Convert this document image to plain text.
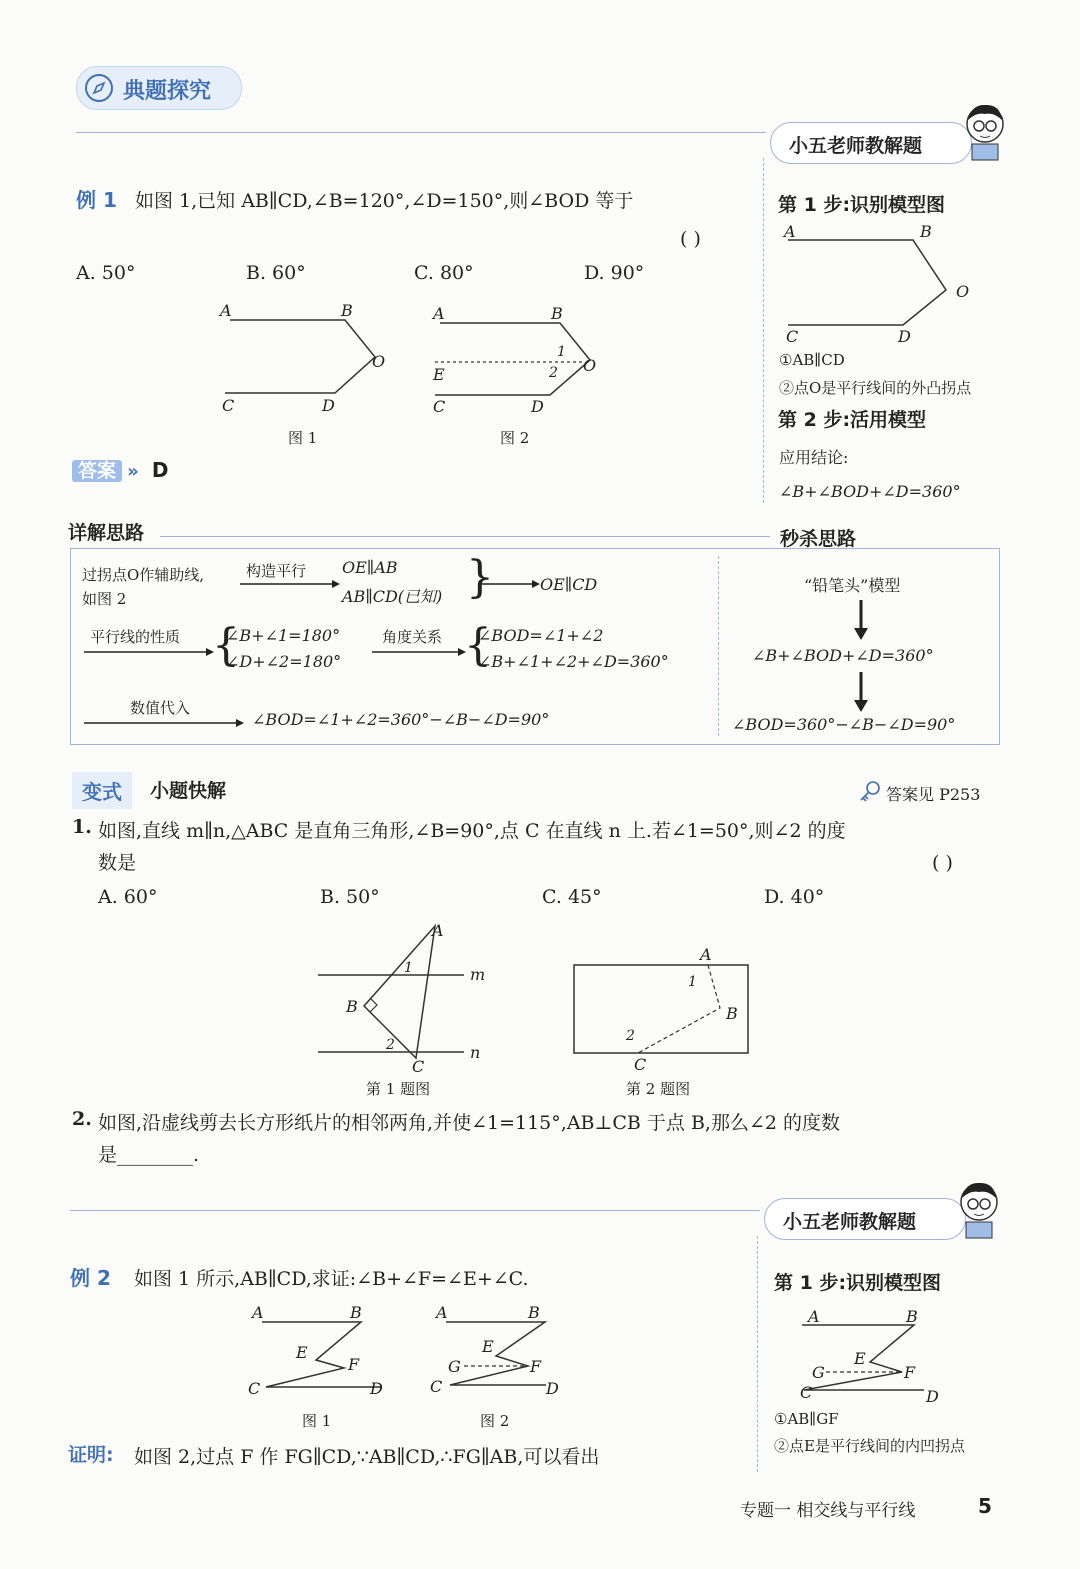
典题探究
小五老师教解题
例 1 如图 1,已知 AB∥CD,∠B=120°,∠D=150°,则∠BOD 等于
( )
A. 50°	B. 60°	C. 80°	D. 90°
A	B
O
C	D
图 1
A	B
O
1
2
E
C	D
图 2
答案 » D
第 1 步:识别模型图
A	B
O
C	D
①AB∥CD
②点O是平行线间的外凸拐点
第 2 步:活用模型
应用结论:
∠B+∠BOD+∠D=360°
详解思路	秒杀思路
过拐点O作辅助线,
如图 2
构造平行 OE∥AB
AB∥CD(已知) }	OE∥CD
平行线的性质 {
∠B+∠1=180°
∠D+∠2=180°
角度关系 {
∠BOD=∠1+∠2
∠B+∠1+∠2+∠D=360°
数值代入
∠BOD=∠1+∠2=360°−∠B−∠D=90°
“铅笔头”模型
∠B+∠BOD+∠D=360°
∠BOD=360°−∠B−∠D=90°
变式	小题快解	答案见 P253
1. 如图,直线 m∥n,△ABC 是直角三角形,∠B=90°,点 C 在直线 n 上.若∠1=50°,则∠2 的度
数是	( )
A. 60°	B. 50°	C. 45°	D. 40°
A
B
C
m
n
1
2
第 1 题图
A
B
C
1
2
第 2 题图
2. 如图,沿虚线剪去长方形纸片的相邻两角,并使∠1=115°,AB⊥CB 于点 B,那么∠2 的度数
是________.
小五老师教解题
例 2 如图 1 所示,AB∥CD,求证:∠B+∠F=∠E+∠C.
A	B
E
F
C	D
图 1
A	B
E
G	F
C	D
图 2
证明: 如图 2,过点 F 作 FG∥CD,∵AB∥CD,∴FG∥AB,可以看出
第 1 步:识别模型图
A	B
E
G	F
C	D
①AB∥GF
②点E是平行线间的内凹拐点
专题一 相交线与平行线	5
